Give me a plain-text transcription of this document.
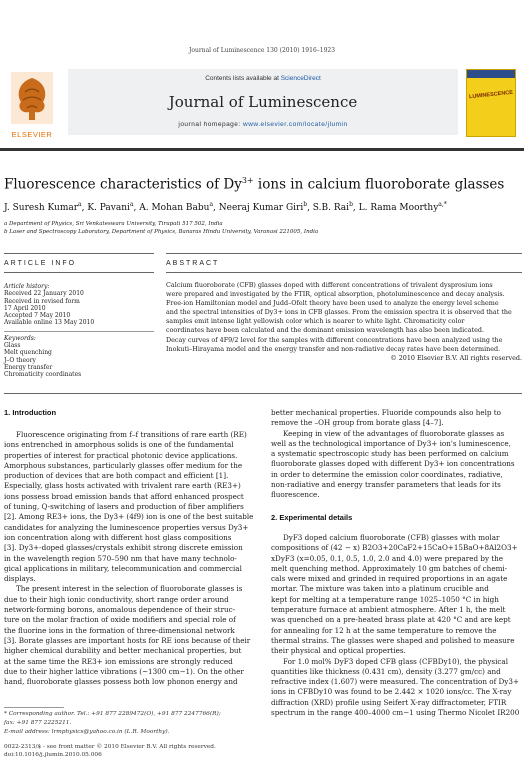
Journal of Luminescence 130 (2010) 1916–1923
ELSEVIER
Contents lists available at ScienceDirect
Journal of Luminescence
journal homepage: www.elsevier.com/locate/jlumin
LUMINESCENCE
Fluorescence characteristics of $Dy^{3+}$ ions in calcium fluoroborate glasses
J. Suresh Kumar$^a$, K. Pavani$^a$, A. Mohan Babu$^a$, Neeraj Kumar Giri$^b$, S.B. Rai$^b$, L. Rama Moorthy$^{a,*}$
a Department of Physics, Sri Venkateswara University, Tirupati 517 502, India
b Laser and Spectroscopy Laboratory, Department of Physics, Banaras Hindu University, Varanasi 221005, India
ARTICLE INFO	ABSTRACT
Article history:
Received 22 January 2010
Received in revised form
17 April 2010
Accepted 7 May 2010
Available online 13 May 2010
Keywords:
Glass
Melt quenching
J–O theory
Energy transfer
Chromaticity coordinates
Calcium fluoroborate (CFB) glasses doped with different concentrations of trivalent dysprosium ions
were prepared and investigated by the FTIR, optical absorption, photoluminescence and decay analysis.
Free-ion Hamiltonian model and Judd–Ofelt theory have been used to analyze the energy level scheme
and the spectral intensities of Dy3+ ions in CFB glasses. From the emission spectra it is observed that the
samples emit intense light yellowish color which is nearer to white light. Chromaticity color
coordinates have been calculated and the dominant emission wavelength has also been indicated.
Decay curves of 4F9/2 level for the samples with different concentrations have been analyzed using the
Inokuti–Hirayama model and the energy transfer and non-radiative decay rates have been determined.
© 2010 Elsevier B.V. All rights reserved.
1. Introduction
Fluorescence originating from f–f transitions of rare earth (RE)
ions entrenched in amorphous solids is one of the fundamental
properties of interest for practical photonic device applications.
Amorphous substances, particularly glasses offer medium for the
production of devices that are both compact and efficient [1].
Especially, glass hosts activated with trivalent rare earth (RE3+)
ions possess broad emission bands that afford enhanced prospect
of tuning, Q-switching of lasers and production of fiber amplifiers
[2]. Among RE3+ ions, the Dy3+ (4f9) ion is one of the best suitable
candidates for analyzing the luminescence properties versus Dy3+
ion concentration along with different host glass compositions
[3]. Dy3+-doped glasses/crystals exhibit strong discrete emission
in the wavelength region 570–590 nm that have many technolo-
gical applications in military, telecommunication and commercial
displays.
The present interest in the selection of fluoroborate glasses is
due to their high ionic conductivity, short range order around
network-forming borons, anomalous dependence of their struc-
ture on the molar fraction of oxide modifiers and special role of
the fluorine ions in the formation of three-dimensional network
[3]. Borate glasses are important hosts for RE ions because of their
higher chemical durability and better mechanical properties, but
at the same time the RE3+ ion emissions are strongly reduced
due to their higher lattice vibrations (~1300 cm−1). On the other
hand, fluoroborate glasses possess both low phonon energy and
better mechanical properties. Fluoride compounds also help to
remove the –OH group from borate glass [4–7].
Keeping in view of the advantages of fluoroborate glasses as
well as the technological importance of Dy3+ ion's luminescence,
a systematic spectroscopic study has been performed on calcium
fluoroborate glasses doped with different Dy3+ ion concentrations
in order to determine the emission color coordinates, radiative,
non-radiative and energy transfer parameters that leads for its
fluorescence.
2. Experimental details
DyF3 doped calcium fluoroborate (CFB) glasses with molar
compositions of (42 − x) B2O3+20CaF2+15CaO+15BaO+8Al2O3+
xDyF3 (x=0.05, 0.1, 0.5, 1.0, 2.0 and 4.0) were prepared by the
melt quenching method. Approximately 10 gm batches of chemi-
cals were mixed and grinded in required proportions in an agate
mortar. The mixture was taken into a platinum crucible and
kept for melting at a temperature range 1025–1050 °C in high
temperature furnace at ambient atmosphere. After 1 h, the melt
was quenched on a pre-heated brass plate at 420 °C and are kept
for annealing for 12 h at the same temperature to remove the
thermal strains. The glasses were shaped and polished to measure
their physical and optical properties.
For 1.0 mol% DyF3 doped CFB glass (CFBDy10), the physical
quantities like thickness (0.431 cm), density (3.277 gm/cc) and
refractive index (1.607) were measured. The concentration of Dy3+
ions in CFBDy10 was found to be 2.442 × 1020 ions/cc. The X-ray
diffraction (XRD) profile using Seifert X-ray diffractometer, FTIR
spectrum in the range 400–4000 cm−1 using Thermo Nicolet IR200
* Corresponding author. Tel.: +91 877 2289472(O), +91 877 2247766(R);
fax: +91 877 2225211.
E-mail address: lrmphysics@yahoo.co.in (L.R. Moorthy).
0022-2313/$ - see front matter © 2010 Elsevier B.V. All rights reserved.
doi:10.1016/j.jlumin.2010.05.006
